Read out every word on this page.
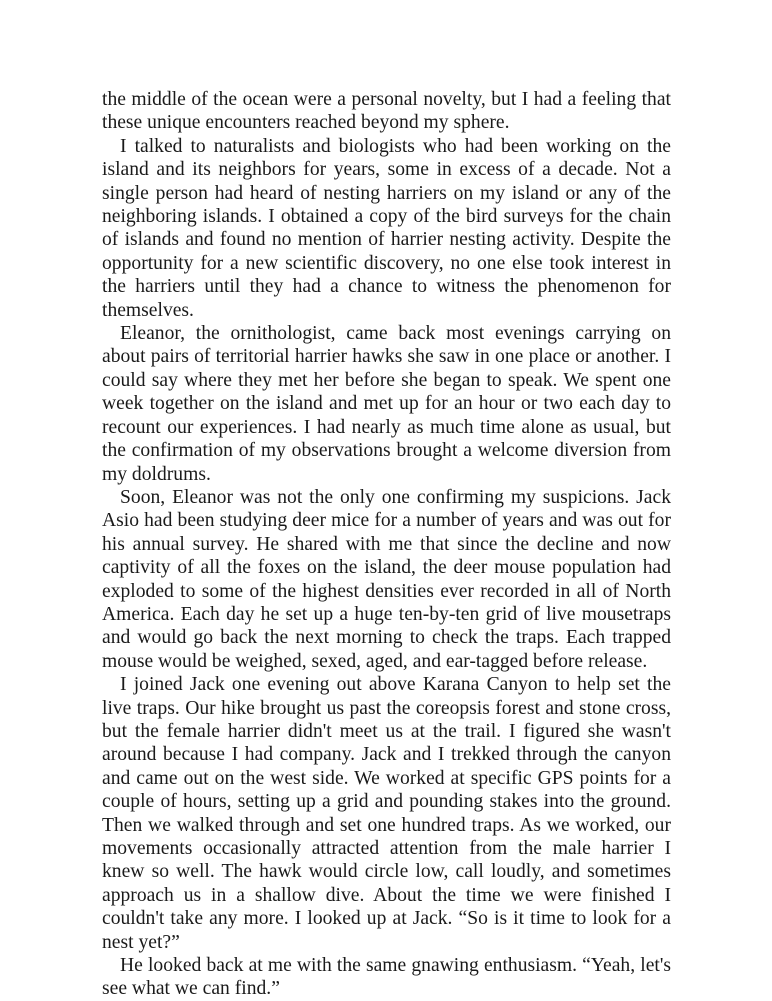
the middle of the ocean were a personal novelty, but I had a feeling that these unique encounters reached beyond my sphere.

I talked to naturalists and biologists who had been working on the island and its neighbors for years, some in excess of a decade. Not a single person had heard of nesting harriers on my island or any of the neighboring islands. I obtained a copy of the bird surveys for the chain of islands and found no mention of harrier nesting activity. Despite the opportunity for a new scientific discovery, no one else took interest in the harriers until they had a chance to witness the phenomenon for themselves.

Eleanor, the ornithologist, came back most evenings carrying on about pairs of territorial harrier hawks she saw in one place or another. I could say where they met her before she began to speak. We spent one week together on the island and met up for an hour or two each day to recount our experiences. I had nearly as much time alone as usual, but the confirmation of my observations brought a welcome diversion from my doldrums.

Soon, Eleanor was not the only one confirming my suspicions. Jack Asio had been studying deer mice for a number of years and was out for his annual survey. He shared with me that since the decline and now captivity of all the foxes on the island, the deer mouse population had exploded to some of the highest densities ever recorded in all of North America. Each day he set up a huge ten-by-ten grid of live mousetraps and would go back the next morning to check the traps. Each trapped mouse would be weighed, sexed, aged, and ear-tagged before release.

I joined Jack one evening out above Karana Canyon to help set the live traps. Our hike brought us past the coreopsis forest and stone cross, but the female harrier didn't meet us at the trail. I figured she wasn't around because I had company. Jack and I trekked through the canyon and came out on the west side. We worked at specific GPS points for a couple of hours, setting up a grid and pounding stakes into the ground. Then we walked through and set one hundred traps. As we worked, our movements occasionally attracted attention from the male harrier I knew so well. The hawk would circle low, call loudly, and sometimes approach us in a shallow dive. About the time we were finished I couldn't take any more. I looked up at Jack. “So is it time to look for a nest yet?”

He looked back at me with the same gnawing enthusiasm. “Yeah, let's see what we can find.”
